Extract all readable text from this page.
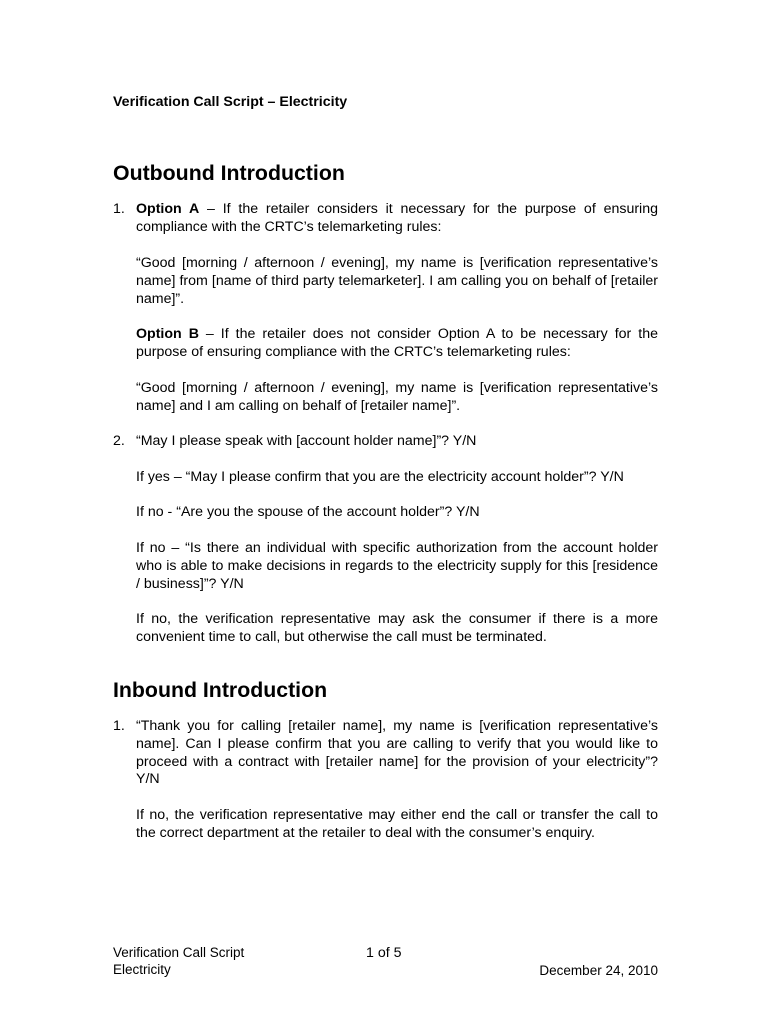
Verification Call Script – Electricity
Outbound Introduction
1. Option A – If the retailer considers it necessary for the purpose of ensuring compliance with the CRTC’s telemarketing rules:

“Good [morning / afternoon / evening], my name is [verification representative’s name] from [name of third party telemarketer]. I am calling you on behalf of [retailer name]”.

Option B – If the retailer does not consider Option A to be necessary for the purpose of ensuring compliance with the CRTC’s telemarketing rules:

“Good [morning / afternoon / evening], my name is [verification representative’s name] and I am calling on behalf of [retailer name]”.

2. “May I please speak with [account holder name]”? Y/N

If yes – “May I please confirm that you are the electricity account holder”? Y/N

If no - “Are you the spouse of the account holder”? Y/N

If no – “Is there an individual with specific authorization from the account holder who is able to make decisions in regards to the electricity supply for this [residence / business]”? Y/N

If no, the verification representative may ask the consumer if there is a more convenient time to call, but otherwise the call must be terminated.

Inbound Introduction
1. “Thank you for calling [retailer name], my name is [verification representative’s name]. Can I please confirm that you are calling to verify that you would like to proceed with a contract with [retailer name] for the provision of your electricity”? Y/N

If no, the verification representative may either end the call or transfer the call to the correct department at the retailer to deal with the consumer’s enquiry.

Verification Call Script
Electricity
1 of 5
December 24, 2010
